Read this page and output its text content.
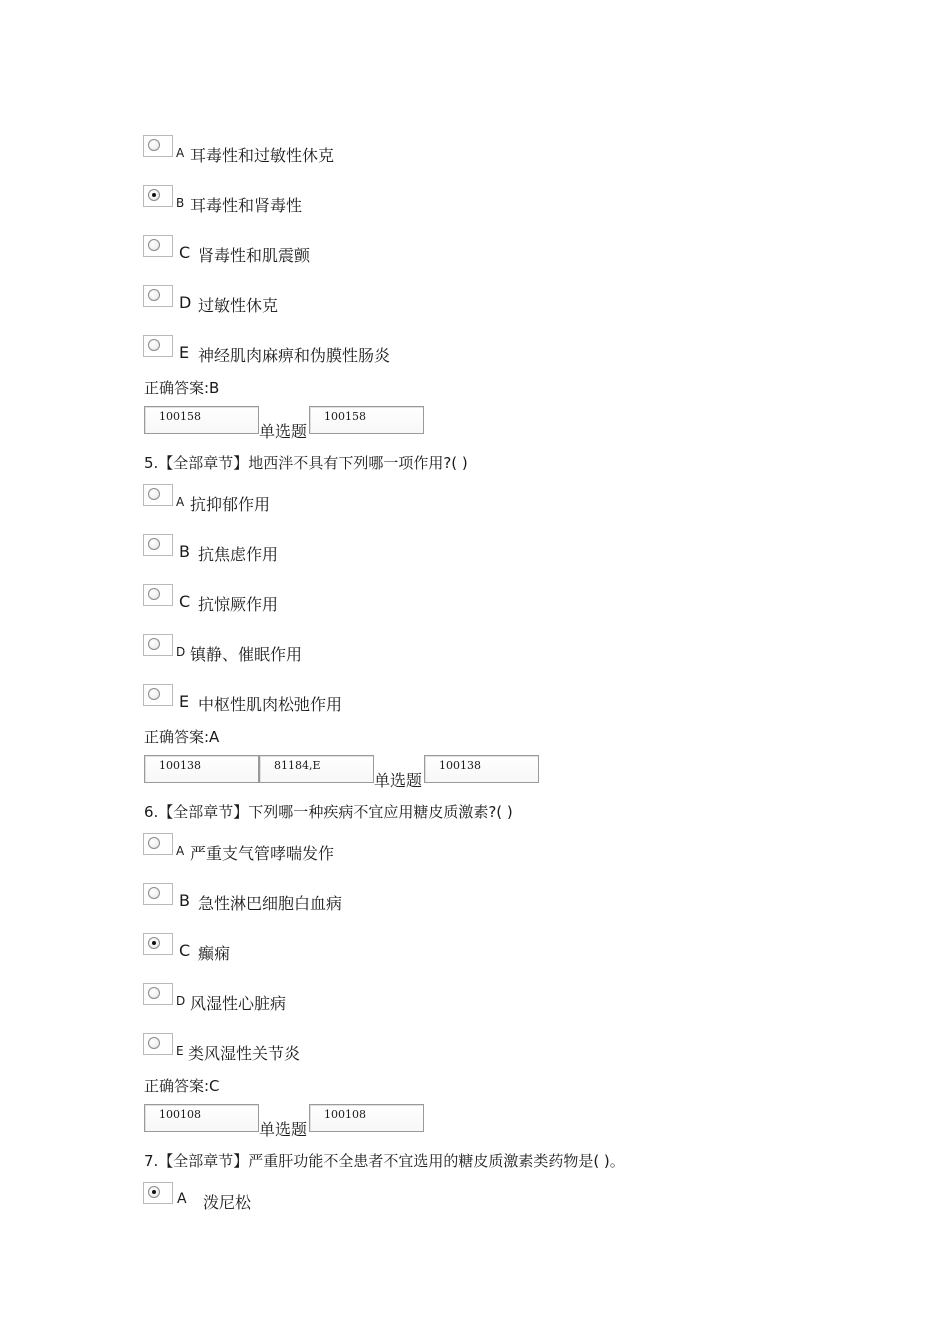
A 耳毒性和过敏性休克
B 耳毒性和肾毒性
C 肾毒性和肌震颤
D 过敏性休克
E 神经肌肉麻痹和伪膜性肠炎
正确答案:B
100158
单选题
100158
5.【全部章节】地西泮不具有下列哪一项作用?( )
A 抗抑郁作用
B 抗焦虑作用
C 抗惊厥作用
D 镇静、催眠作用
E 中枢性肌肉松弛作用
正确答案:A
100138	81184,E
单选题
100138
6.【全部章节】下列哪一种疾病不宜应用糖皮质激素?( )
A 严重支气管哮喘发作
B 急性淋巴细胞白血病
C 癫痫
D 风湿性心脏病
E 类风湿性关节炎
正确答案:C
100108
单选题
100108
7.【全部章节】严重肝功能不全患者不宜选用的糖皮质激素类药物是( )。
A 泼尼松
